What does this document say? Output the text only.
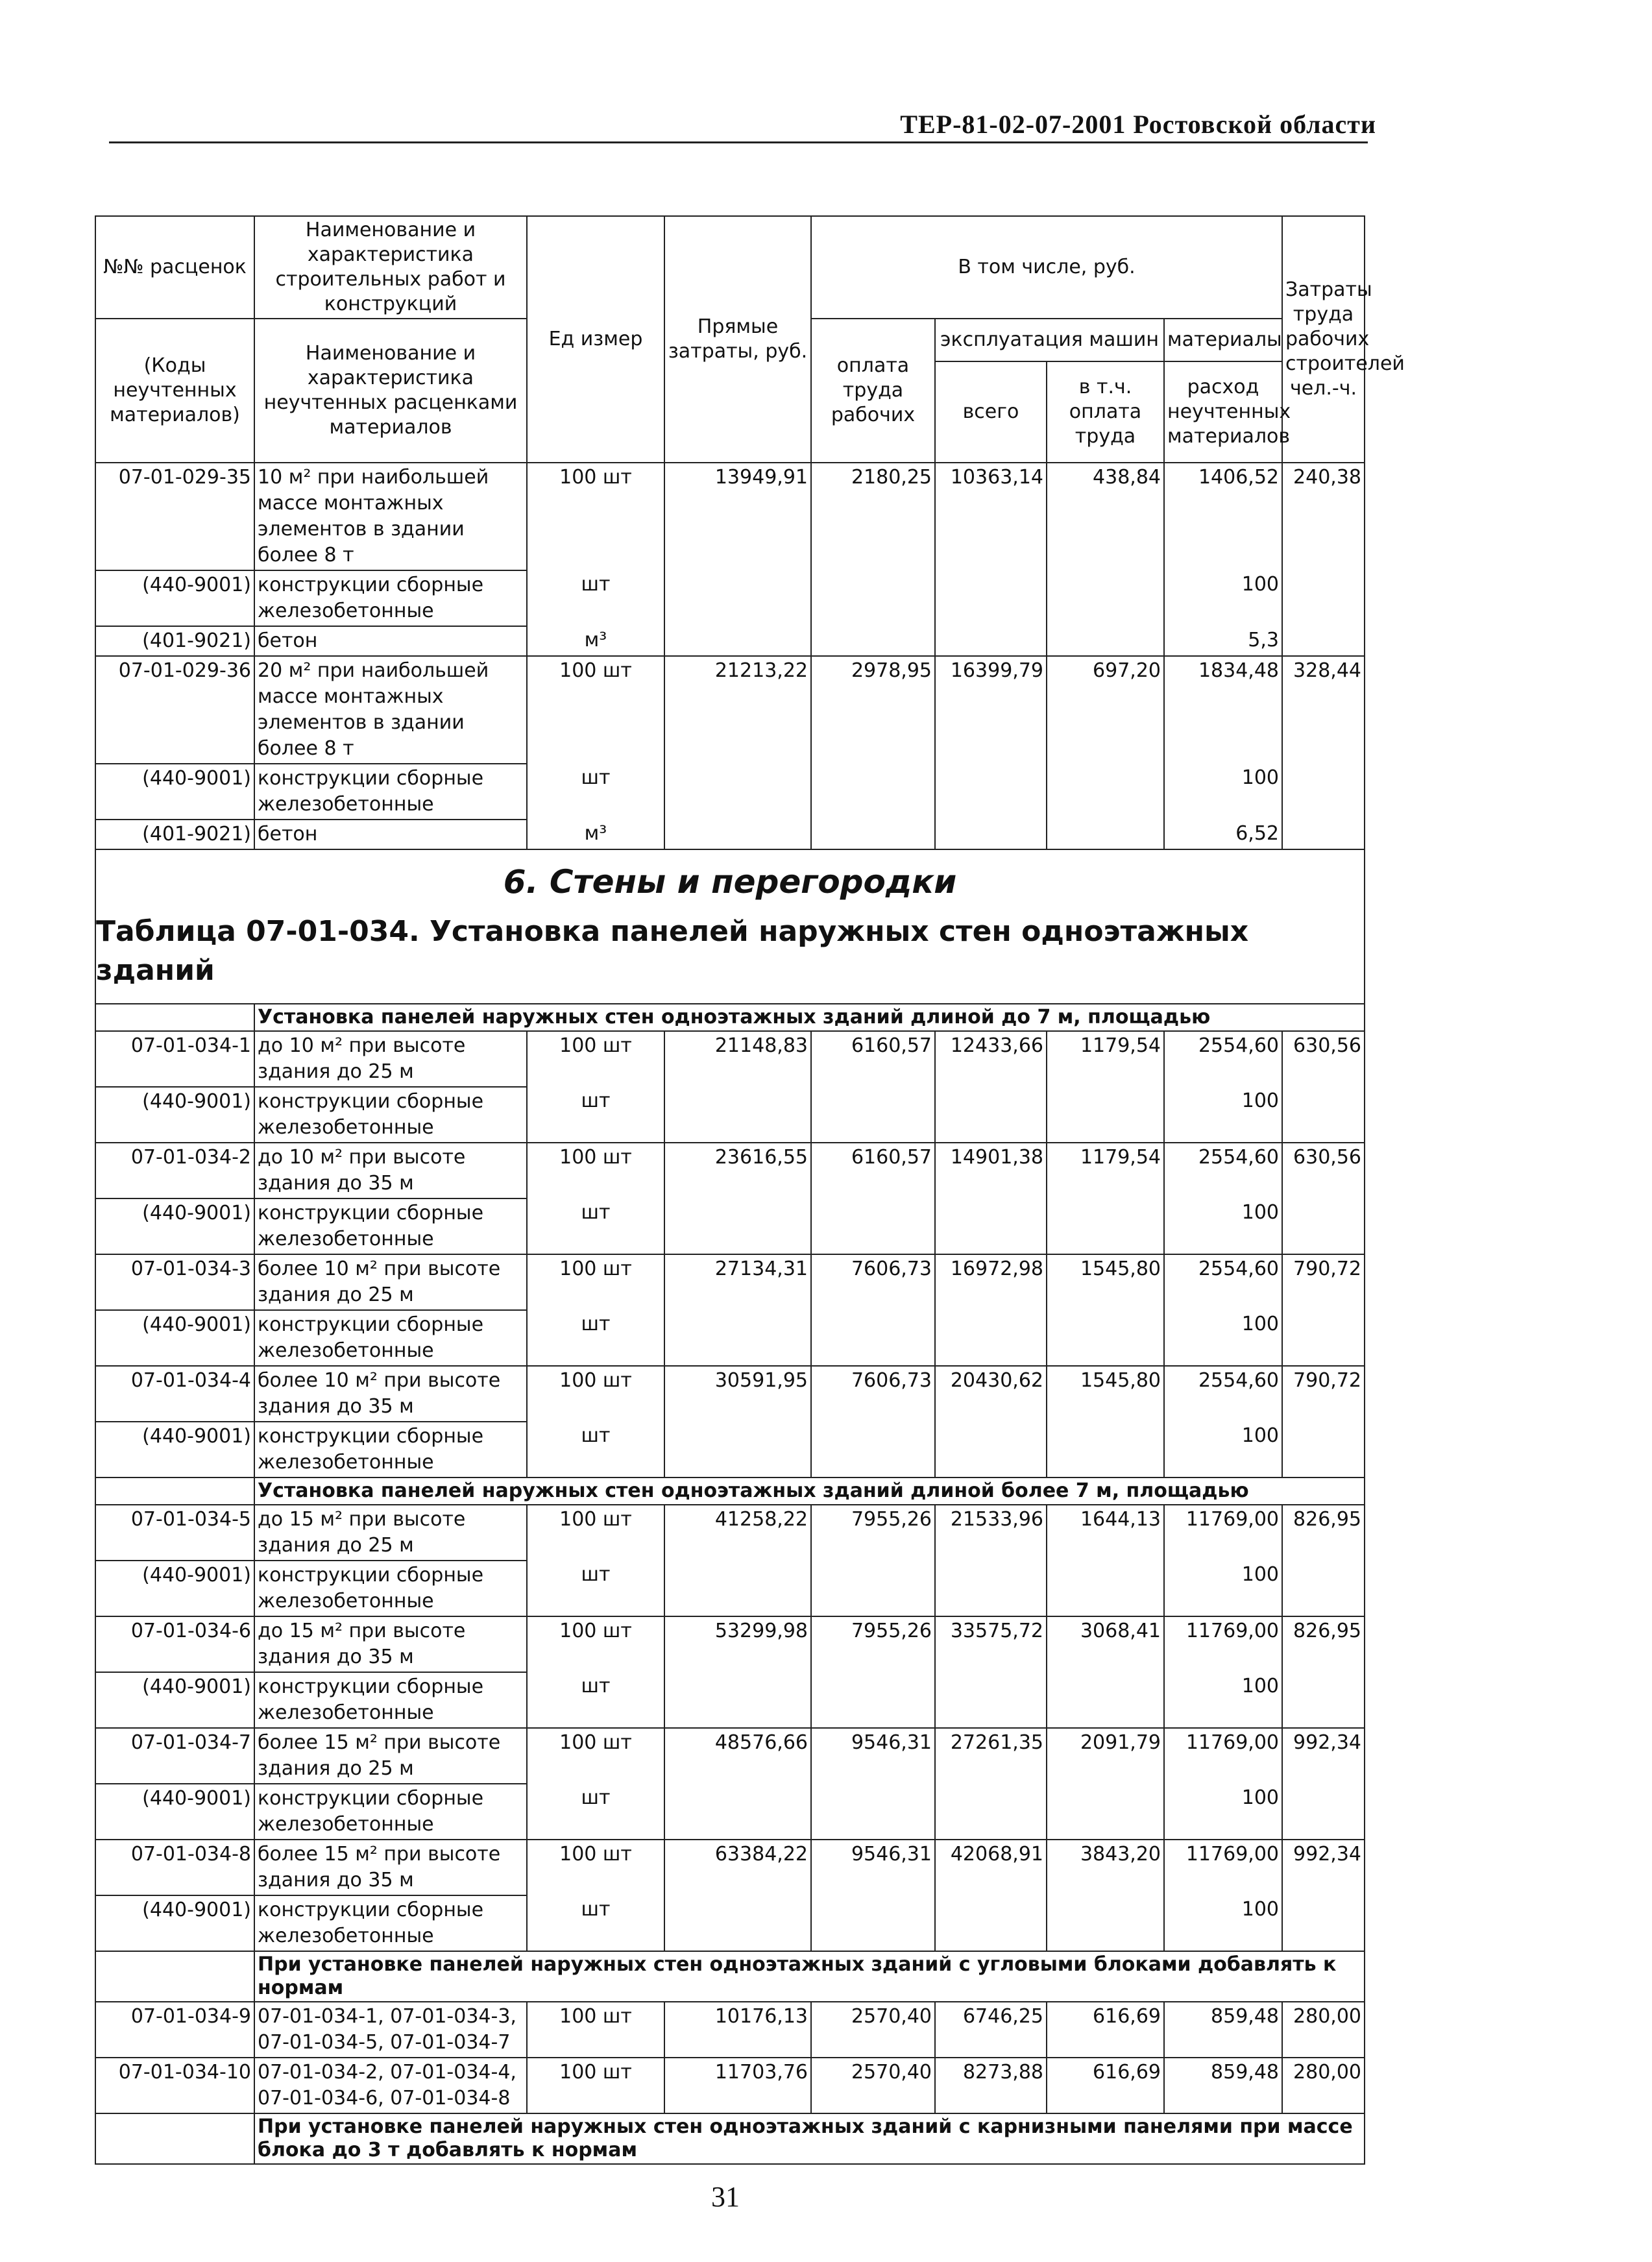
ТЕР-81-02-07-2001 Ростовской области
№№ расценок	Наименование и характеристика строительных работ и конструкций	Ед измер	Прямые затраты, руб.	В том числе, руб.				Затраты труда рабочих строителей чел.-ч.
(Коды неучтенных материалов)	Наименование и характеристика неучтенных расценками материалов			оплата труда рабочих	эксплуатация машин		материалы	
					всего	в т.ч. оплата труда	расход неучтенных материалов	
07-01-029-35	10 м² при наибольшей массе монтажных элементов в здании более 8 т	100 шт	13949,91	2180,25	10363,14	438,84	1406,52	240,38
(440-9001)	конструкции сборные железобетонные	шт					100	
(401-9021)	бетон	м³					5,3	
07-01-029-36	20 м² при наибольшей массе монтажных элементов в здании более 8 т	100 шт	21213,22	2978,95	16399,79	697,20	1834,48	328,44
(440-9001)	конструкции сборные железобетонные	шт					100	
(401-9021)	бетон	м³					6,52	
6. Стены и перегородки								
Таблица 07-01-034. Установка панелей наружных стен одноэтажных зданий								
	Установка панелей наружных стен одноэтажных зданий длиной до 7 м, площадью							
07-01-034-1	до 10 м² при высоте здания до 25 м	100 шт	21148,83	6160,57	12433,66	1179,54	2554,60	630,56
(440-9001)	конструкции сборные железобетонные	шт					100	
07-01-034-2	до 10 м² при высоте здания до 35 м	100 шт	23616,55	6160,57	14901,38	1179,54	2554,60	630,56
(440-9001)	конструкции сборные железобетонные	шт					100	
07-01-034-3	более 10 м² при высоте здания до 25 м	100 шт	27134,31	7606,73	16972,98	1545,80	2554,60	790,72
(440-9001)	конструкции сборные железобетонные	шт					100	
07-01-034-4	более 10 м² при высоте здания до 35 м	100 шт	30591,95	7606,73	20430,62	1545,80	2554,60	790,72
(440-9001)	конструкции сборные железобетонные	шт					100	
	Установка панелей наружных стен одноэтажных зданий длиной более 7 м, площадью							
07-01-034-5	до 15 м² при высоте здания до 25 м	100 шт	41258,22	7955,26	21533,96	1644,13	11769,00	826,95
(440-9001)	конструкции сборные железобетонные	шт					100	
07-01-034-6	до 15 м² при высоте здания до 35 м	100 шт	53299,98	7955,26	33575,72	3068,41	11769,00	826,95
(440-9001)	конструкции сборные железобетонные	шт					100	
07-01-034-7	более 15 м² при высоте здания до 25 м	100 шт	48576,66	9546,31	27261,35	2091,79	11769,00	992,34
(440-9001)	конструкции сборные железобетонные	шт					100	
07-01-034-8	более 15 м² при высоте здания до 35 м	100 шт	63384,22	9546,31	42068,91	3843,20	11769,00	992,34
(440-9001)	конструкции сборные железобетонные	шт					100	
	При установке панелей наружных стен одноэтажных зданий с угловыми блоками добавлять к нормам							
07-01-034-9	07-01-034-1, 07-01-034-3, 07-01-034-5, 07-01-034-7	100 шт	10176,13	2570,40	6746,25	616,69	859,48	280,00
07-01-034-10	07-01-034-2, 07-01-034-4, 07-01-034-6, 07-01-034-8	100 шт	11703,76	2570,40	8273,88	616,69	859,48	280,00
	При установке панелей наружных стен одноэтажных зданий с карнизными панелями при массе блока до 3 т добавлять к нормам							
31
